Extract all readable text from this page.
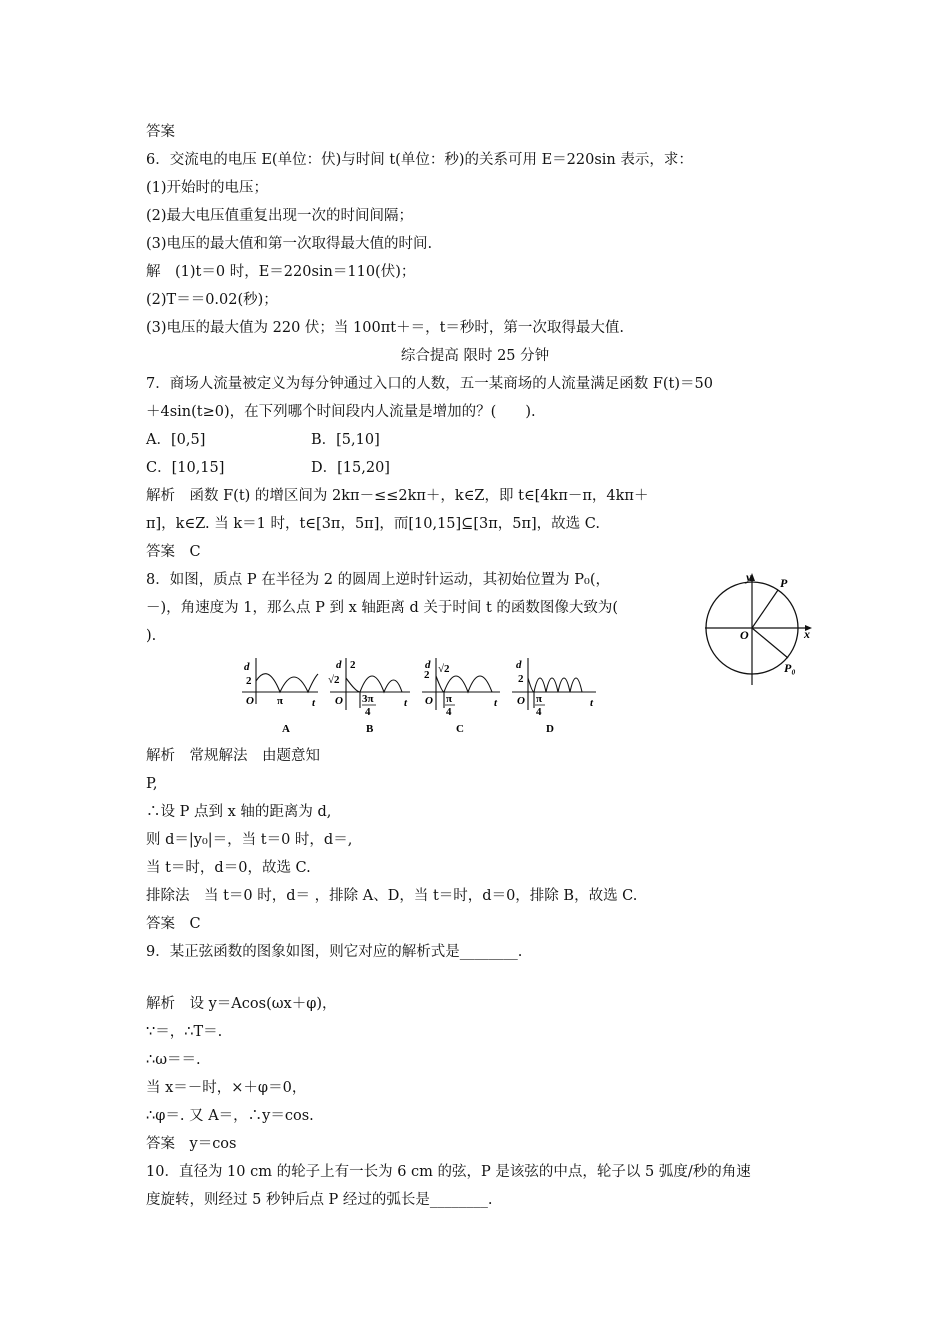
答案
6．交流电的电压 E(单位：伏)与时间 t(单位：秒)的关系可用 E＝220sin 表示，求：
(1)开始时的电压；
(2)最大电压值重复出现一次的时间间隔；
(3)电压的最大值和第一次取得最大值的时间.
解　(1)t＝0 时，E＝220sin＝110(伏)；
(2)T＝＝0.02(秒)；
(3)电压的最大值为 220 伏；当 100πt＋＝，t＝秒时，第一次取得最大值.
综合提高 限时 25 分钟
7．商场人流量被定义为每分钟通过入口的人数，五一某商场的人流量满足函数 F(t)＝50
＋4sin(t≥0)，在下列哪个时间段内人流量是增加的？(　　).
A．[0,5]	B．[5,10]
C．[10,15]	D．[15,20]
解析　函数 F(t) 的增区间为 2kπ－≤≤2kπ＋，k∈Z，即 t∈[4kπ－π，4kπ＋
π]，k∈Z. 当 k＝1 时，t∈[3π，5π]，而[10,15]⊆[3π，5π]，故选 C.
答案　C
8．如图，质点 P 在半径为 2 的圆周上逆时针运动，其初始位置为 P₀(，
－)，角速度为 1，那么点 P 到 x 轴距离 d 关于时间 t 的函数图像大致为(
).	x
y
O
P
P₀
d
2
O π	t
A
d 2
√2
O 3π
4
t
B
d
2 √2
O π
4
t
C
d
2
O π
4
t
D
解析　常规解法　由题意知
P,
∴设 P 点到 x 轴的距离为 d,
则 d＝|y₀|＝，当 t＝0 时，d＝,
当 t＝时，d＝0，故选 C.
排除法　当 t＝0 时，d＝ ，排除 A、D，当 t＝时，d＝0，排除 B，故选 C.
答案　C
9．某正弦函数的图象如图，则它对应的解析式是________.
解析　设 y＝Acos(ωx＋φ)，
∵＝，∴T＝.
∴ω＝＝.
当 x＝－时，×＋φ＝0，
∴φ＝. 又 A＝，∴y＝cos.
答案　y＝cos
10．直径为 10 cm 的轮子上有一长为 6 cm 的弦，P 是该弦的中点，轮子以 5 弧度/秒的角速
度旋转，则经过 5 秒钟后点 P 经过的弧长是________.
